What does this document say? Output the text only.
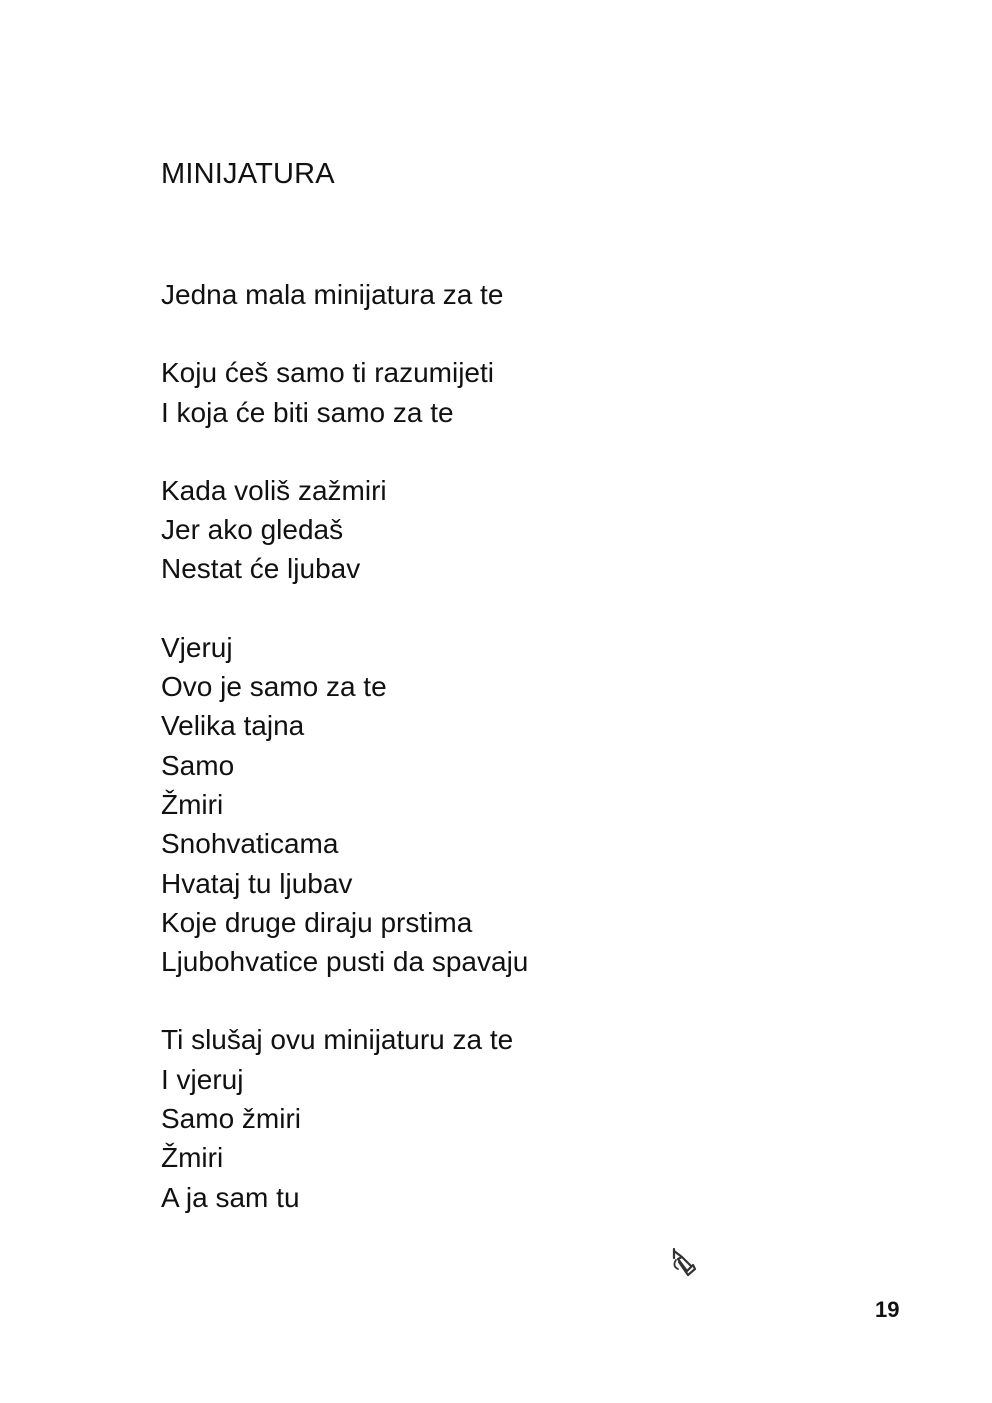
MINIJATURA
Jedna mala minijatura za te
Koju ćeš samo ti razumijeti
I koja će biti samo za te
Kada voliš zažmiri
Jer ako gledaš
Nestat će ljubav
Vjeruj
Ovo je samo za te
Velika tajna
Samo
Žmiri
Snohvaticama
Hvataj tu ljubav
Koje druge diraju prstima
Ljubohvatice pusti da spavaju
Ti slušaj ovu minijaturu za te
I vjeruj
Samo žmiri
Žmiri
A ja sam tu
19
